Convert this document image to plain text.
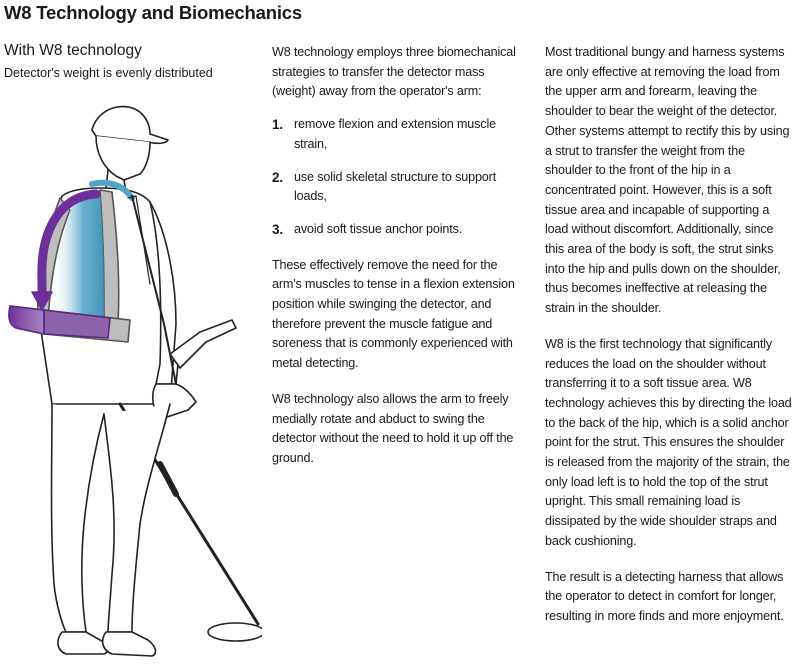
W8 Technology and Biomechanics
With W8 technology
Detector's weight is evenly distributed

W8 technology employs three biomechanical strategies to transfer the detector mass (weight) away from the operator's arm:

1. remove flexion and extension muscle strain,
2. use solid skeletal structure to support loads,
3. avoid soft tissue anchor points.

These effectively remove the need for the arm's muscles to tense in a flexion extension position while swinging the detector, and therefore prevent the muscle fatigue and soreness that is commonly experienced with metal detecting.

W8 technology also allows the arm to freely medially rotate and abduct to swing the detector without the need to hold it up off the ground.

Most traditional bungy and harness systems are only effective at removing the load from the upper arm and forearm, leaving the shoulder to bear the weight of the detector. Other systems attempt to rectify this by using a strut to transfer the weight from the shoulder to the front of the hip in a concentrated point. However, this is a soft tissue area and incapable of supporting a load without discomfort. Additionally, since this area of the body is soft, the strut sinks into the hip and pulls down on the shoulder, thus becomes ineffective at releasing the strain in the shoulder.

W8 is the first technology that significantly reduces the load on the shoulder without transferring it to a soft tissue area. W8 technology achieves this by directing the load to the back of the hip, which is a solid anchor point for the strut. This ensures the shoulder is released from the majority of the strain, the only load left is to hold the top of the strut upright. This small remaining load is dissipated by the wide shoulder straps and back cushioning.

The result is a detecting harness that allows the operator to detect in comfort for longer, resulting in more finds and more enjoyment.
